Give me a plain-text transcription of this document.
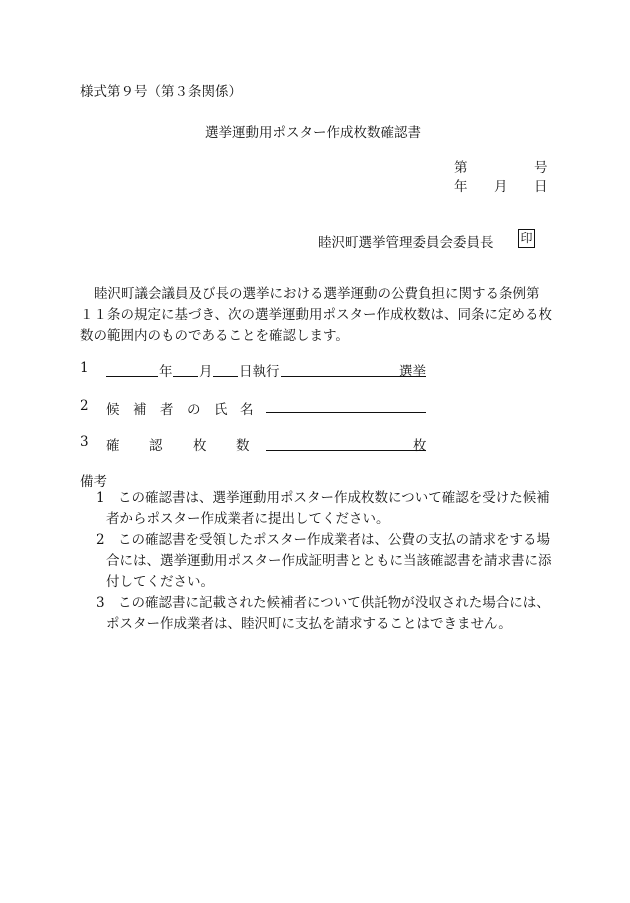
様式第９号（第３条関係）
選挙運動用ポスター作成枚数確認書
第	号
年 月 日
睦沢町選挙管理委員会委員長 印
睦沢町議会議員及び長の選挙における選挙運動の公費負担に関する条例第
１１条の規定に基づき、次の選挙運動用ポスター作成枚数は、同条に定める枚
数の範囲内のものであることを確認します。
1	年 月 日執行	選挙
2 候 補 者 の 氏 名
3 確 認 枚 数	枚
備考
1 この確認書は、選挙運動用ポスター作成枚数について確認を受けた候補
者からポスター作成業者に提出してください。
2 この確認書を受領したポスター作成業者は、公費の支払の請求をする場
合には、選挙運動用ポスター作成証明書とともに当該確認書を請求書に添
付してください。
3 この確認書に記載された候補者について供託物が没収された場合には、
ポスター作成業者は、睦沢町に支払を請求することはできません。
